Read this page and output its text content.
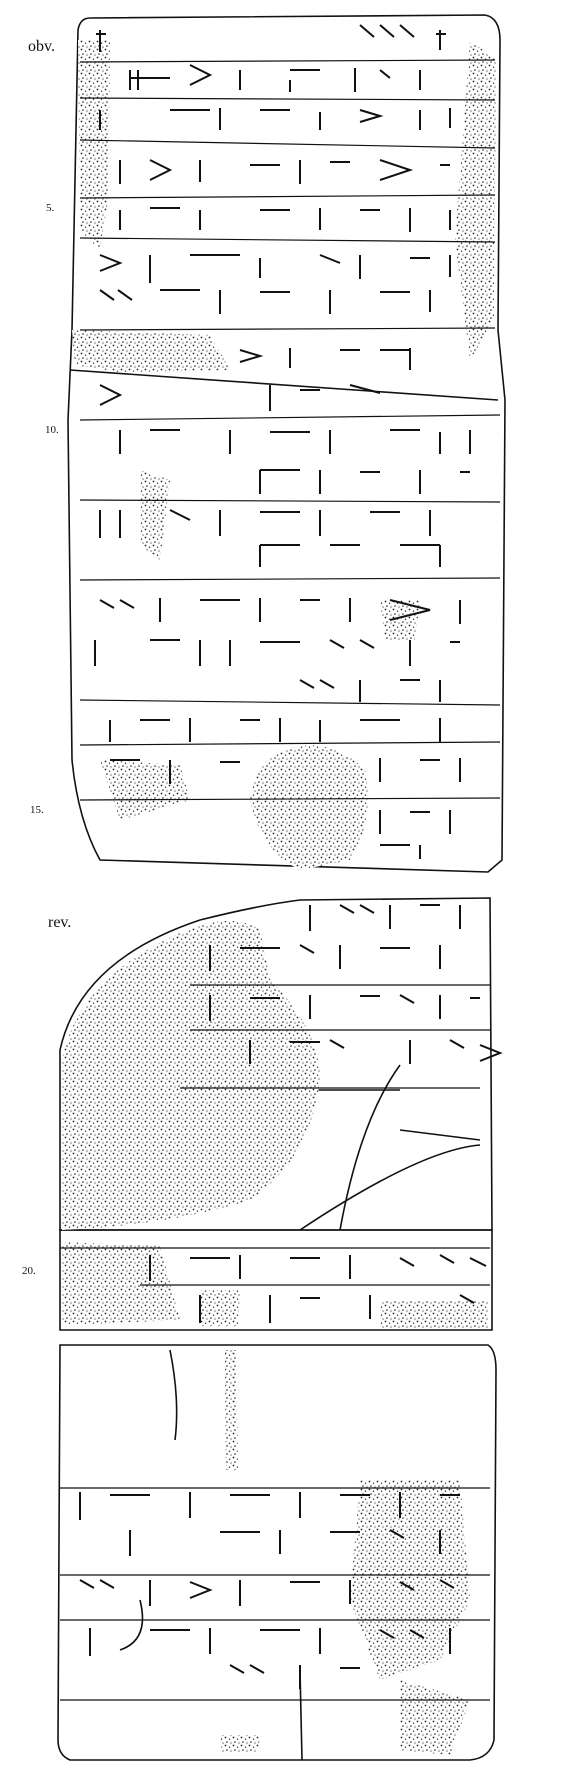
obv.
5.
10.
15.
rev.
20.
